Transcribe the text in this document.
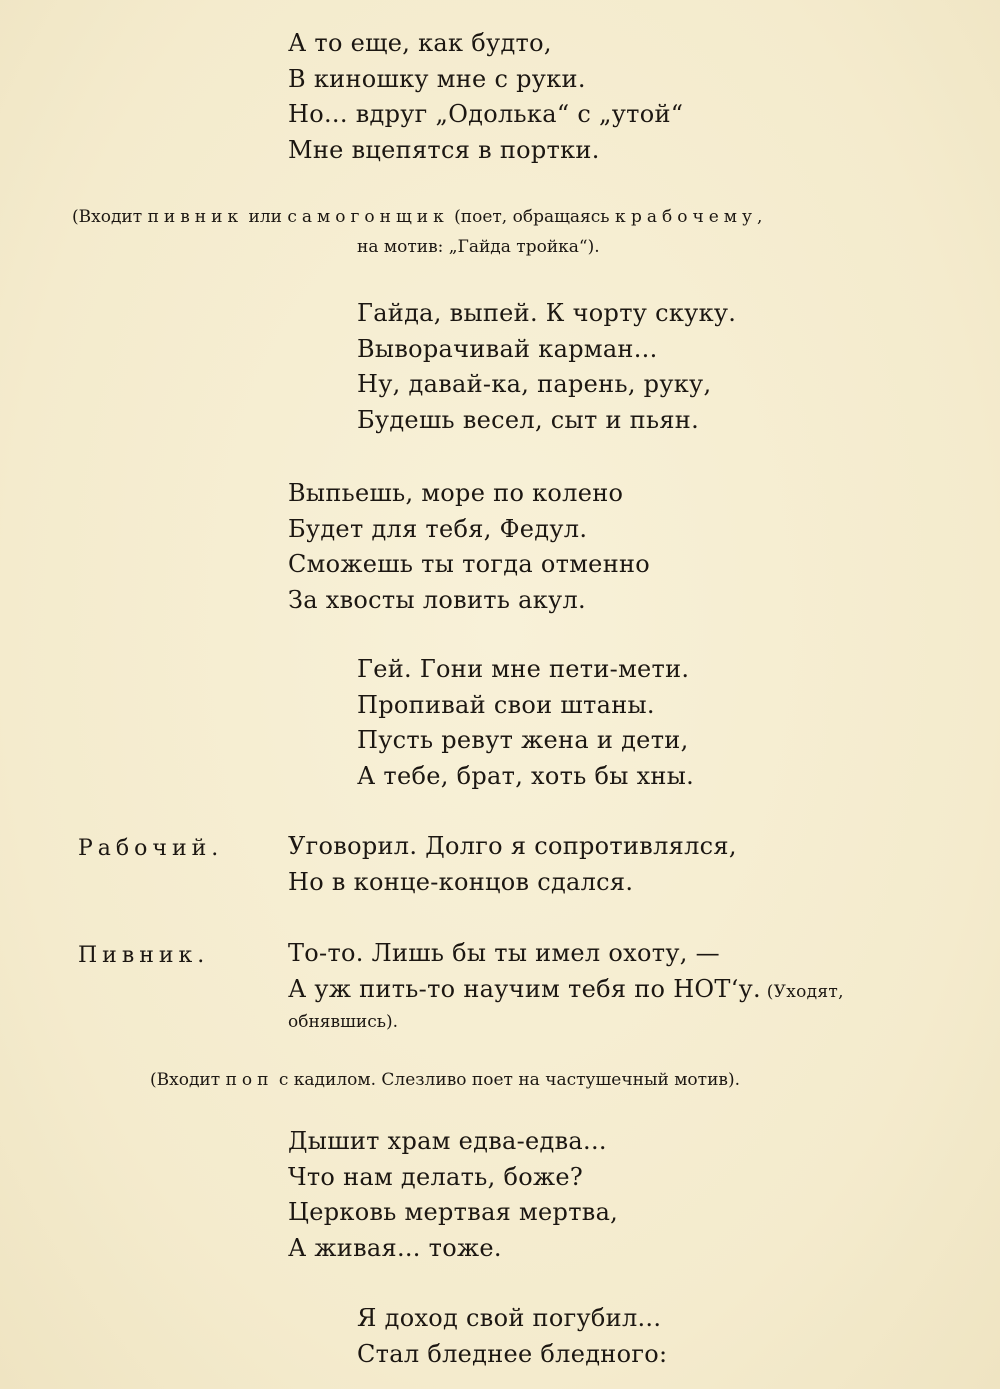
А то еще, как будто,
В киношку мне с руки.
Но... вдруг „Одолька“ с „утой“
Мне вцепятся в портки.
(Входит пивник или самогонщик (поет, обращаясь к рабочему,
на мотив: „Гайда тройка“).
Гайда, выпей. К чорту скуку.
Выворачивай карман...
Ну, давай-ка, парень, руку,
Будешь весел, сыт и пьян.
Выпьешь, море по колено
Будет для тебя, Федул.
Сможешь ты тогда отменно
За хвосты ловить акул.
Гей. Гони мне пети-мети.
Пропивай свои штаны.
Пусть ревут жена и дети,
А тебе, брат, хоть бы хны.
Рабочий.	Уговорил. Долго я сопротивлялся,
Но в конце-концов сдался.
Пивник.	То-то. Лишь бы ты имел охоту, —
А уж пить-то научим тебя по НОТ‘у. (Уходят,
обнявшись).
(Входит поп с кадилом. Слезливо поет на частушечный мотив).
Дышит храм едва-едва...
Что нам делать, боже?
Церковь мертвая мертва,
А живая... тоже.
Я доход свой погубил...
Стал бледнее бледного:
